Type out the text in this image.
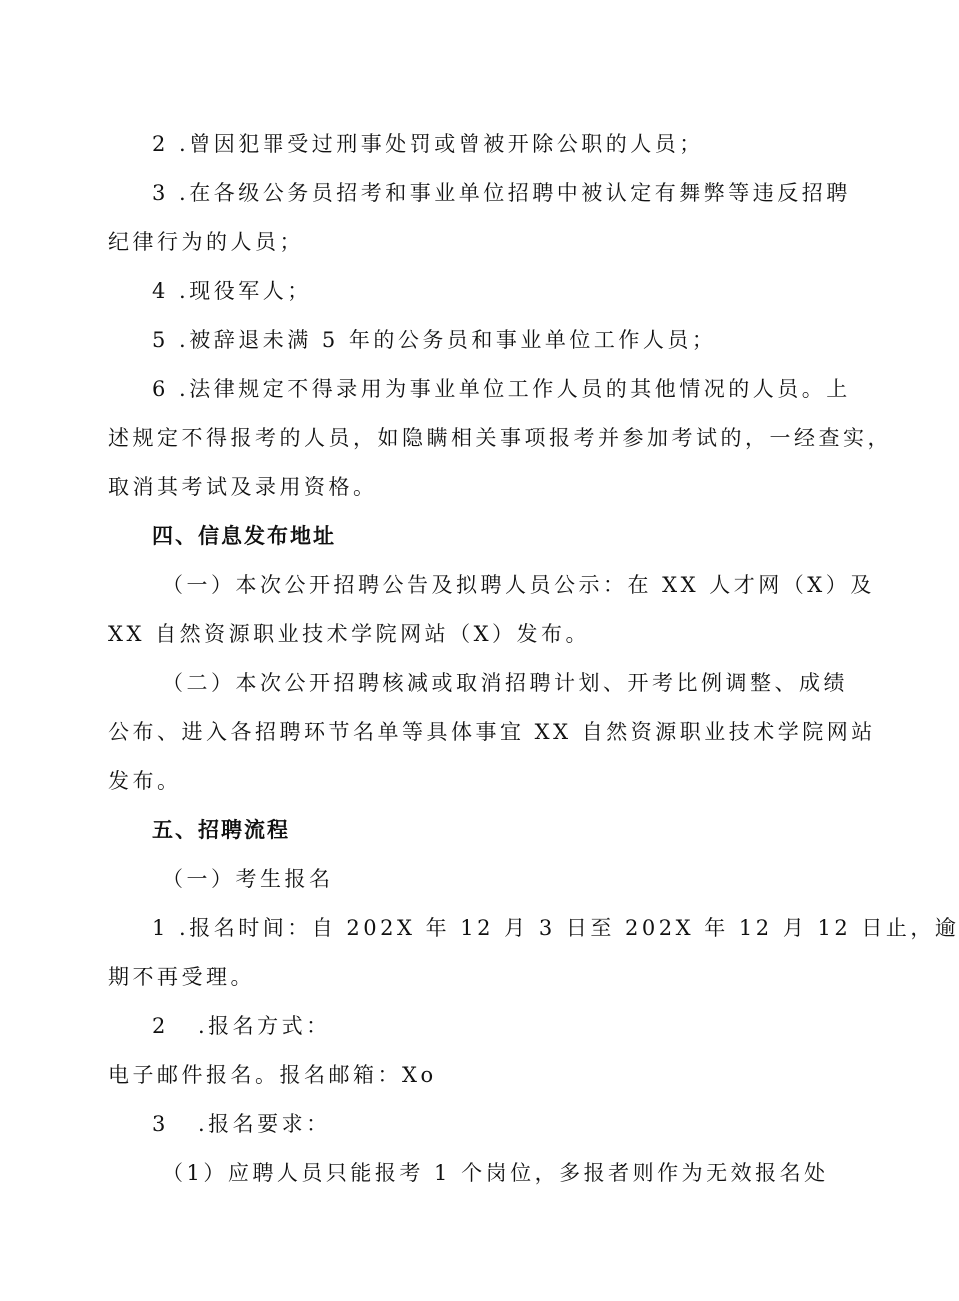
2 .曾因犯罪受过刑事处罚或曾被开除公职的人员；
3 .在各级公务员招考和事业单位招聘中被认定有舞弊等违反招聘
纪律行为的人员；
4 .现役军人；
5 .被辞退未满 5 年的公务员和事业单位工作人员；
6 .法律规定不得录用为事业单位工作人员的其他情况的人员。上
述规定不得报考的人员，如隐瞒相关事项报考并参加考试的，一经查实，
取消其考试及录用资格。
四、信息发布地址
（一）本次公开招聘公告及拟聘人员公示：在 XX 人才网（X）及
XX 自然资源职业技术学院网站（X）发布。
（二）本次公开招聘核减或取消招聘计划、开考比例调整、成绩
公布、进入各招聘环节名单等具体事宜 XX 自然资源职业技术学院网站
发布。
五、招聘流程
（一）考生报名
1 .报名时间：自 202X 年 12 月 3 日至 202X 年 12 月 12 日止，逾
期不再受理。
2 .报名方式：
电子邮件报名。报名邮箱：Xo
3 .报名要求：
（1）应聘人员只能报考 1 个岗位，多报者则作为无效报名处
